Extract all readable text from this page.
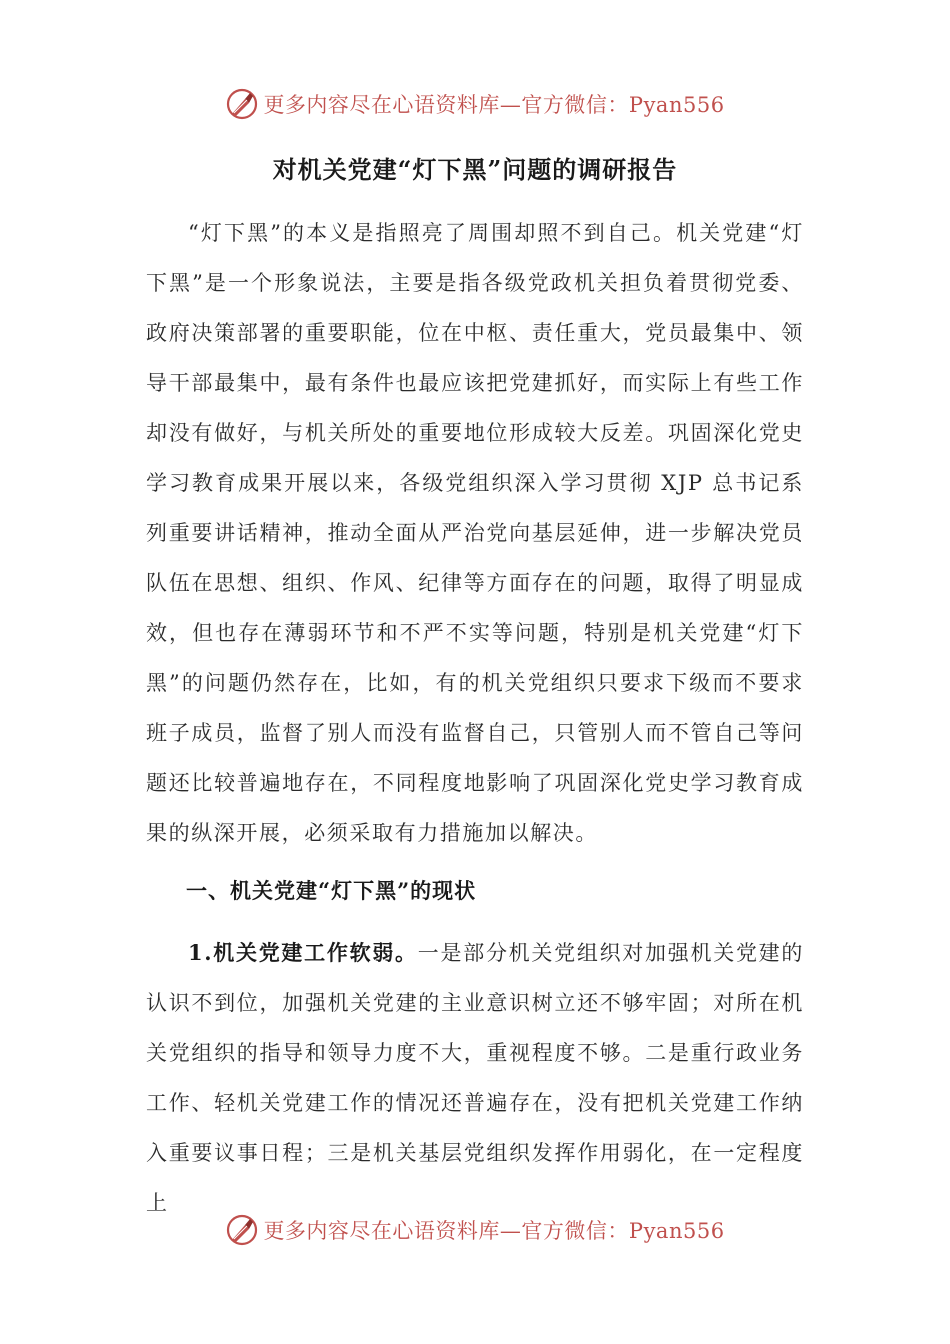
更多内容尽在心语资料库—官方微信：Pyan556
对机关党建“灯下黑”问题的调研报告

“灯下黑”的本义是指照亮了周围却照不到自己。机关党建“灯下黑”是一个形象说法，主要是指各级党政机关担负着贯彻党委、政府决策部署的重要职能，位在中枢、责任重大，党员最集中、领导干部最集中，最有条件也最应该把党建抓好，而实际上有些工作却没有做好，与机关所处的重要地位形成较大反差。巩固深化党史学习教育成果开展以来，各级党组织深入学习贯彻 XJP 总书记系列重要讲话精神，推动全面从严治党向基层延伸，进一步解决党员队伍在思想、组织、作风、纪律等方面存在的问题，取得了明显成效，但也存在薄弱环节和不严不实等问题，特别是机关党建“灯下黑”的问题仍然存在，比如，有的机关党组织只要求下级而不要求班子成员，监督了别人而没有监督自己，只管别人而不管自己等问题还比较普遍地存在，不同程度地影响了巩固深化党史学习教育成果的纵深开展，必须采取有力措施加以解决。

一、机关党建“灯下黑”的现状

1.机关党建工作软弱。一是部分机关党组织对加强机关党建的认识不到位，加强机关党建的主业意识树立还不够牢固；对所在机关党组织的指导和领导力度不大，重视程度不够。二是重行政业务工作、轻机关党建工作的情况还普遍存在，没有把机关党建工作纳入重要议事日程；三是机关基层党组织发挥作用弱化，在一定程度上

更多内容尽在心语资料库—官方微信：Pyan556
